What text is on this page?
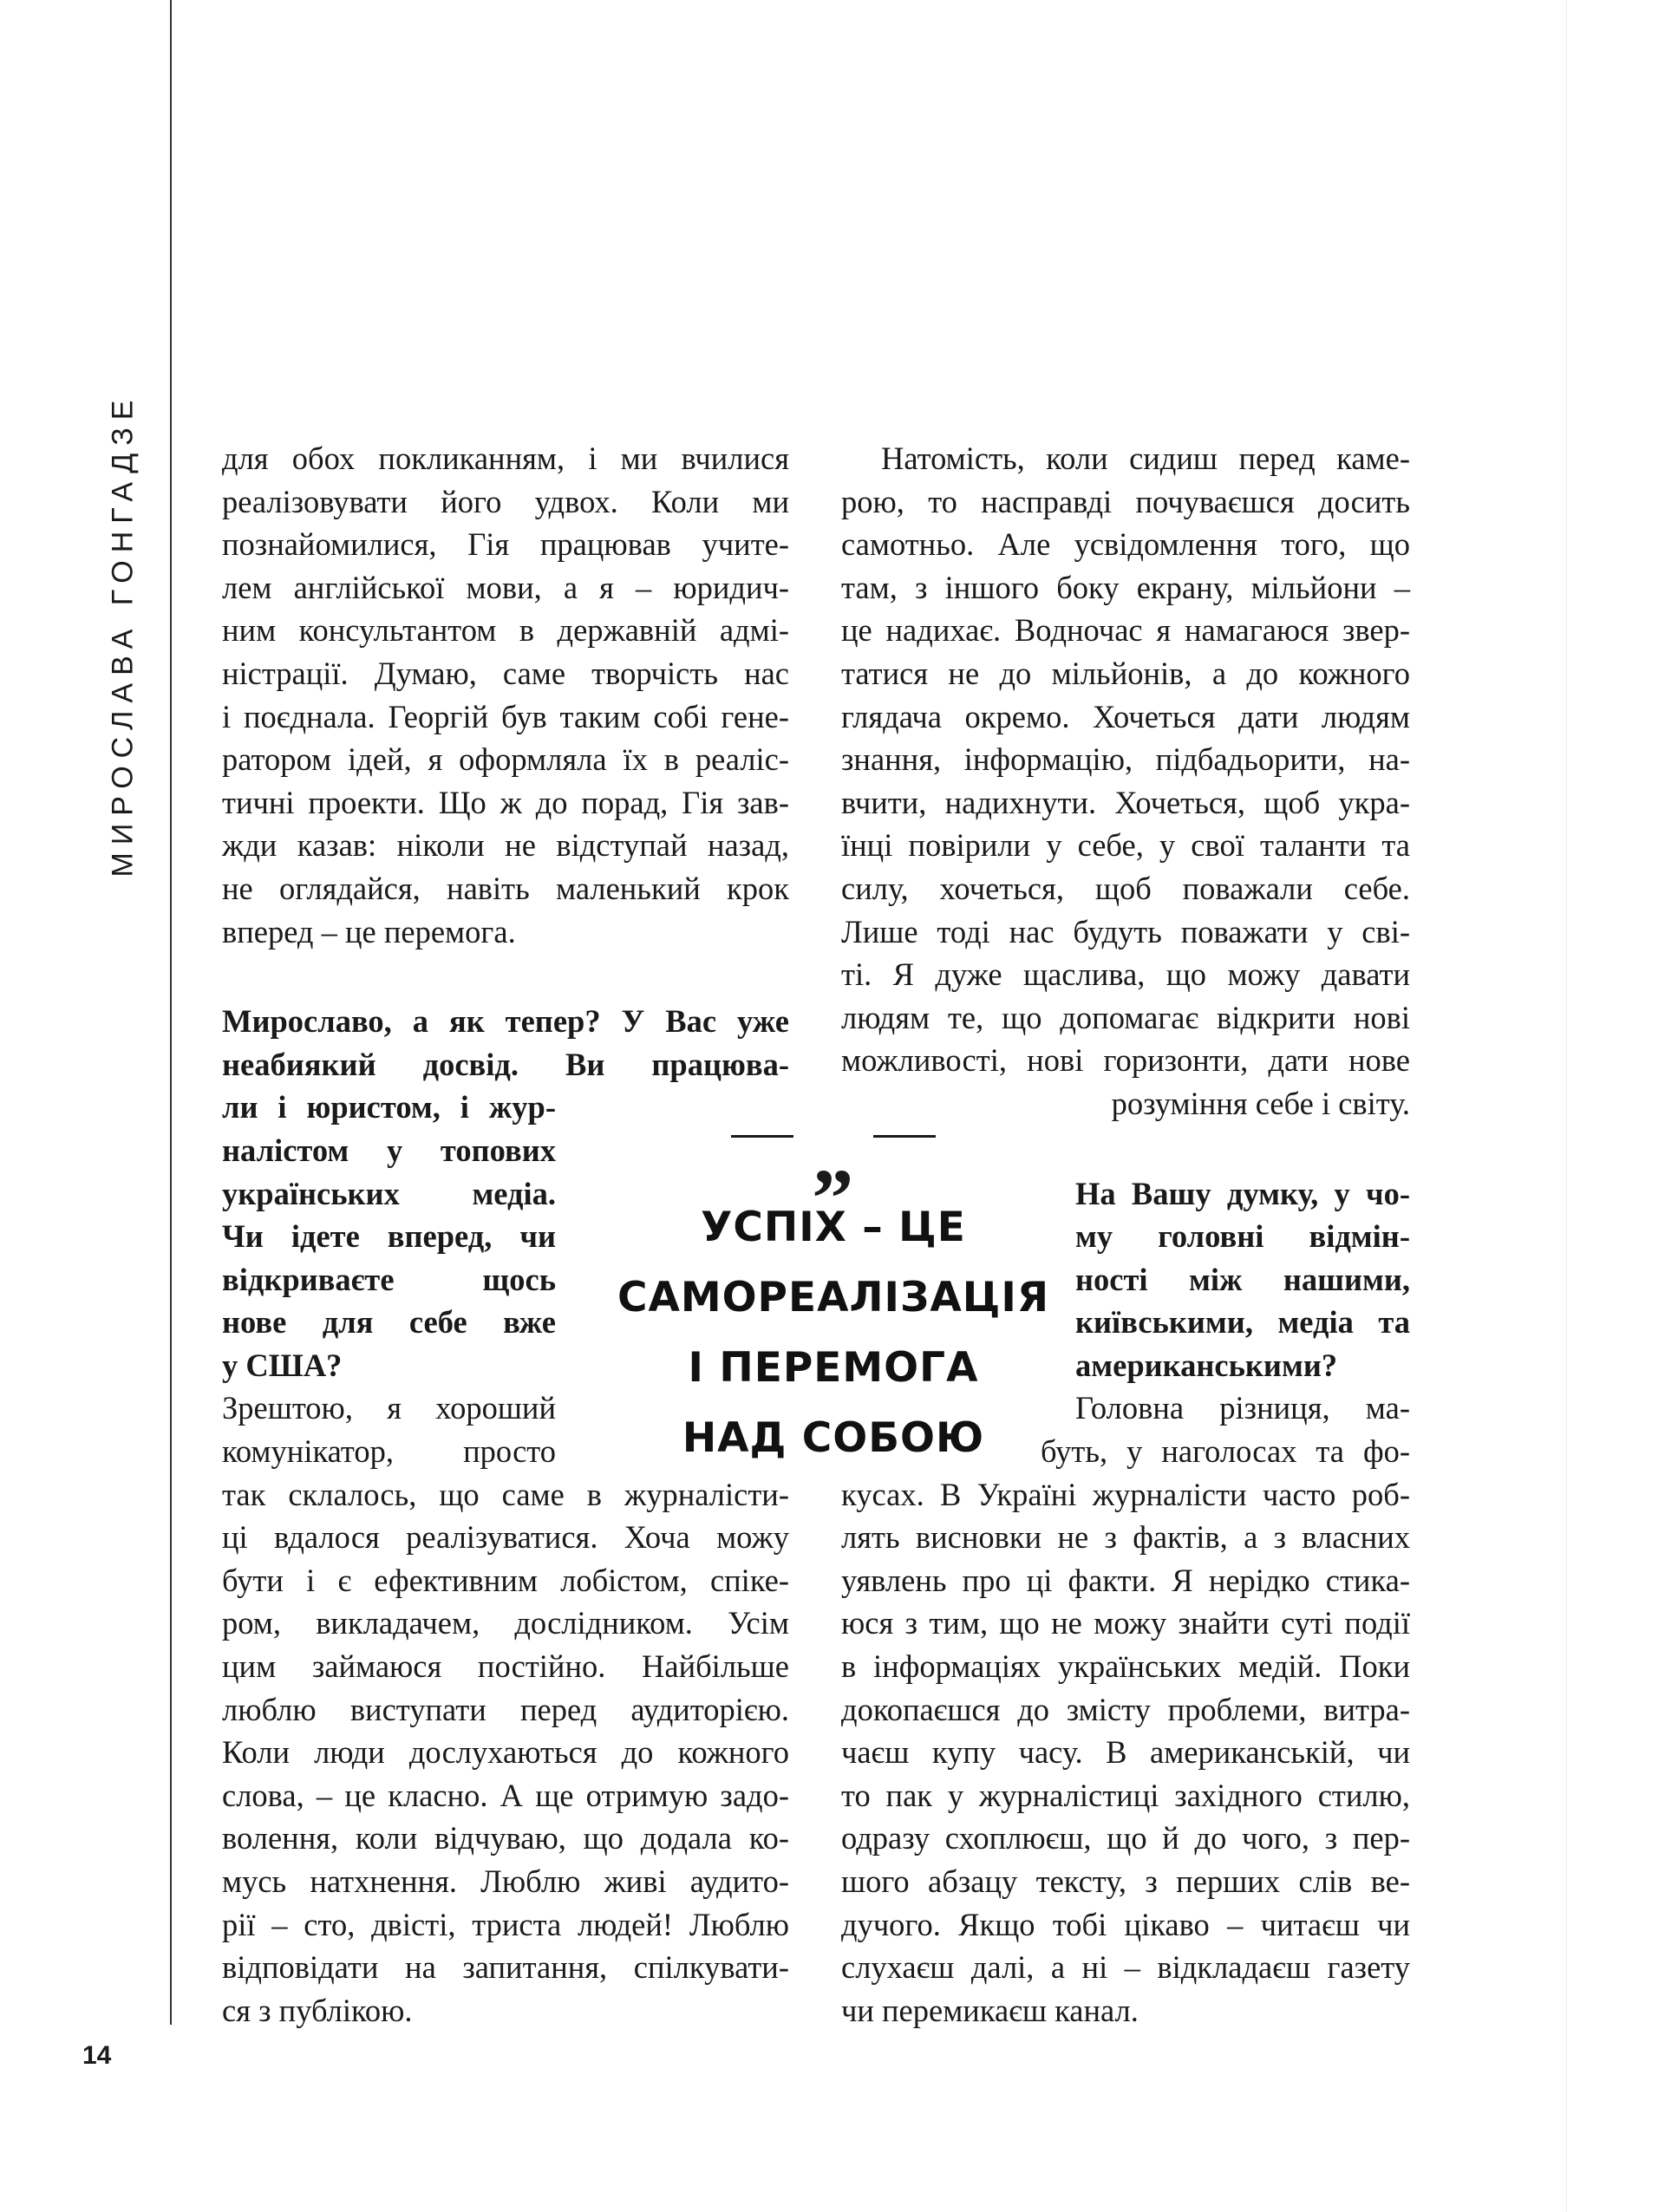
МИРОСЛАВА ГОНГАДЗЕ
14
для обох покликанням, і ми вчилися
реалізовувати його удвох. Коли ми
познайомилися, Гія працював учите-
лем англійської мови, а я – юридич-
ним консультантом в державній адмі-
ністрації. Думаю, саме творчість нас
і поєднала. Георгій був таким собі гене-
ратором ідей, я оформляла їх в реаліс-
тичні проекти. Що ж до порад, Гія зав-
жди казав: ніколи не відступай назад,
не оглядайся, навіть маленький крок
вперед – це перемога.
Мирославо, а як тепер? У Вас уже
неабиякий досвід. Ви працюва-
ли і юристом, і жур-
налістом у топових
українських медіа.
Чи ідете вперед, чи
відкриваєте щось
нове для себе вже
у США?
Зрештою, я хороший
комунікатор, просто
так склалось, що саме в журналісти-
ці вдалося реалізуватися. Хоча можу
бути і є ефективним лобістом, спіке-
ром, викладачем, дослідником. Усім
цим займаюся постійно. Найбільше
люблю виступати перед аудиторією.
Коли люди дослухаються до кожного
слова, – це класно. А ще отримую задо-
волення, коли відчуваю, що додала ко-
мусь натхнення. Люблю живі аудито-
рії – сто, двісті, триста людей! Люблю
відповідати на запитання, спілкувати-
ся з публікою.
Натомість, коли сидиш перед каме-
рою, то насправді почуваєшся досить
самотньо. Але усвідомлення того, що
там, з іншого боку екрану, мільйони –
це надихає. Водночас я намагаюся звер-
татися не до мільйонів, а до кожного
глядача окремо. Хочеться дати людям
знання, інформацію, підбадьорити, на-
вчити, надихнути. Хочеться, щоб укра-
їнці повірили у себе, у свої таланти та
силу, хочеться, щоб поважали себе.
Лише тоді нас будуть поважати у сві-
ті. Я дуже щаслива, що можу давати
людям те, що допомагає відкрити нові
можливості, нові горизонти, дати нове
розуміння себе і світу.
На Вашу думку, у чо-
му головні відмін-
ності між нашими,
київськими, медіа та
американськими?
Головна різниця, ма-
буть, у наголосах та фо-
кусах. В Україні журналісти часто роб-
лять висновки не з фактів, а з власних
уявлень про ці факти. Я нерідко стика-
юся з тим, що не можу знайти суті події
в інформаціях українських медій. Поки
докопаєшся до змісту проблеми, витра-
чаєш купу часу. В американській, чи
то пак у журналістиці західного стилю,
одразу схоплюєш, що й до чого, з пер-
шого абзацу тексту, з перших слів ве-
дучого. Якщо тобі цікаво – читаєш чи
слухаєш далі, а ні – відкладаєш газету
чи перемикаєш канал.
„
УСПІХ – ЦЕ
САМОРЕАЛІЗАЦІЯ
І ПЕРЕМОГА
НАД СОБОЮ
